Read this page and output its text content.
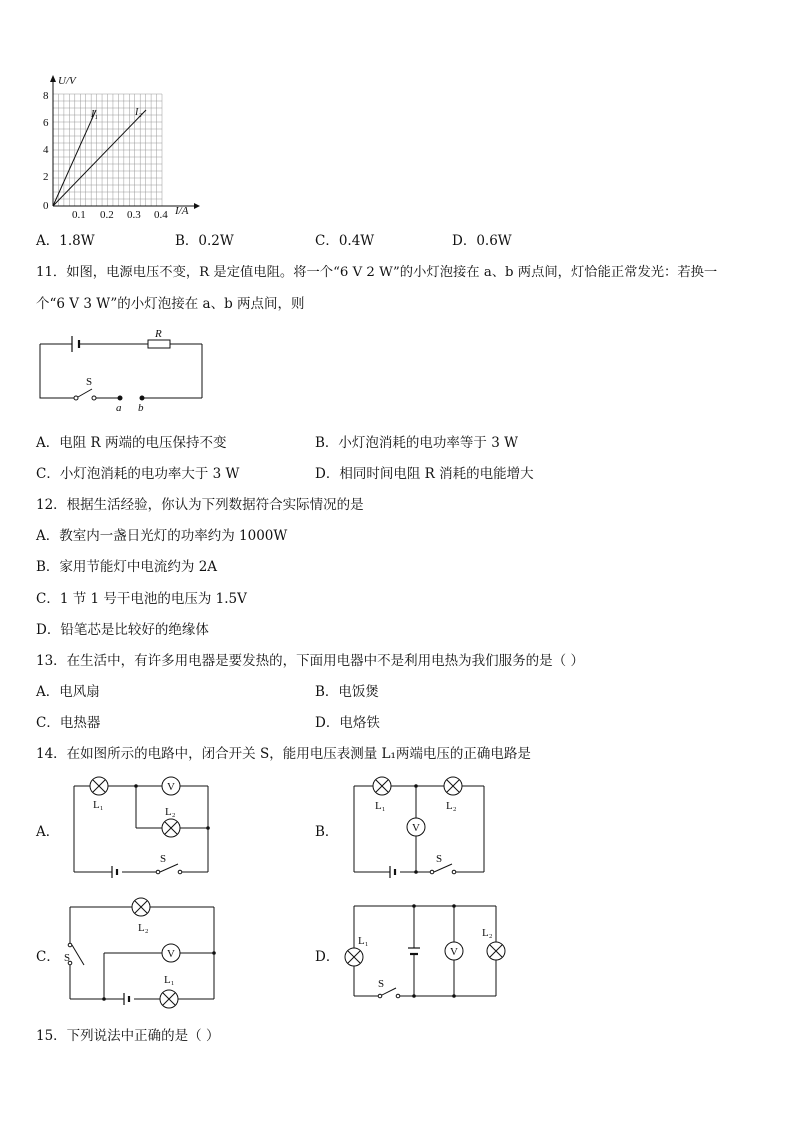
U/V
I/A
I₁	I₂
8
6
4
2
0
0.1 0.2 0.3 0.4
A．1.8W	B．0.2W	C．0.4W	D．0.6W
11．如图，电源电压不变，R 是定值电阻。将一个“6 V 2 W”的小灯泡接在 a、b 两点间，灯恰能正常发光：若换一
个“6 V 3 W”的小灯泡接在 a、b 两点间，则
R
S
a b
A．电阻 R 两端的电压保持不变	B．小灯泡消耗的电功率等于 3 W
C．小灯泡消耗的电功率大于 3 W	D．相同时间电阻 R 消耗的电能增大
12．根据生活经验，你认为下列数据符合实际情况的是
A．教室内一盏日光灯的功率约为 1000W
B．家用节能灯中电流约为 2A
C．1 节 1 号干电池的电压为 1.5V
D．铅笔芯是比较好的绝缘体
13．在生活中，有许多用电器是要发热的，下面用电器中不是利用电热为我们服务的是（ ）
A．电风扇	B．电饭煲
C．电热器	D．电烙铁
14．在如图所示的电路中，闭合开关 S，能用电压表测量 L₁两端电压的正确电路是
A．	B．
C．	D．
V
L₁
L₂
S
V
L₁	L₂
S
V
L₂
L₁
S	V
L₁
L₂
S
15．下列说法中正确的是（ ）
